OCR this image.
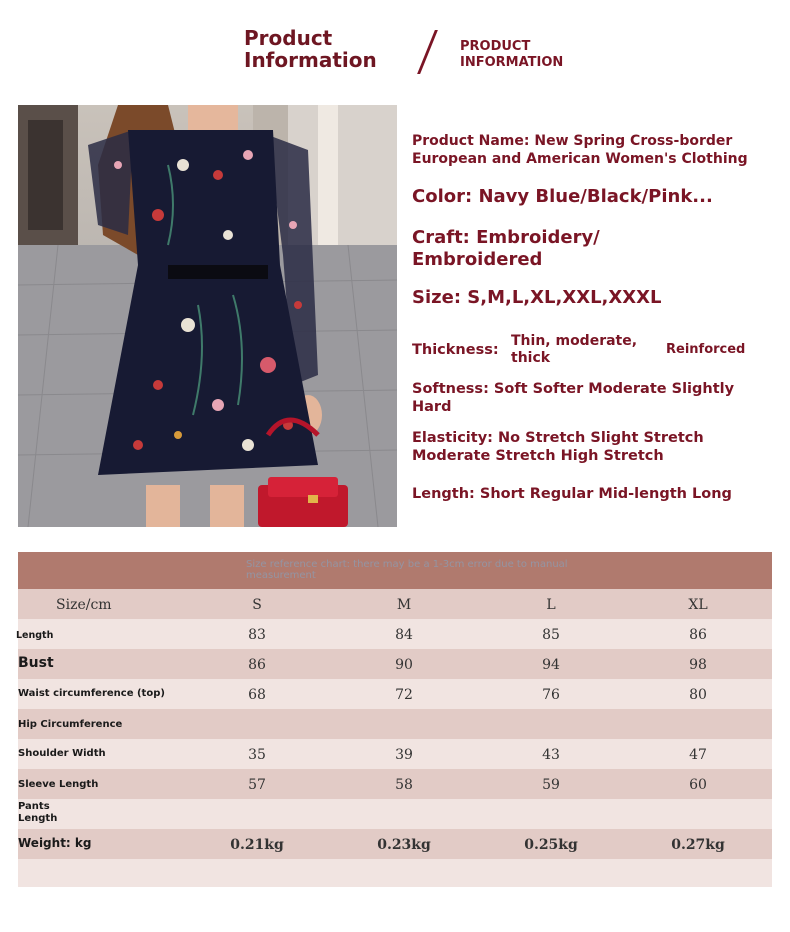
Product
Information
PRODUCT
INFORMATION
Product Name: New Spring Cross-border
European and American Women's Clothing
Color: Navy Blue/Black/Pink...
Craft: Embroidery/
Embroidered
Size: S,M,L,XL,XXL,XXXL
Thickness:
Thin, moderate,
thick
Reinforced
Softness: Soft Softer Moderate Slightly
Hard
Elasticity: No Stretch Slight Stretch
Moderate Stretch High Stretch
Length: Short Regular Mid-length Long
Size reference chart: there may be a 1-3cm error due to manual measurement
Size/cm	S	M	L	XL
Length	83	84	85	86
Bust	86	90	94	98
Waist circumference (top)	68	72	76	80
Hip Circumference
Shoulder Width	35	39	43	47
Sleeve Length	57	58	59	60
Pants Length
Weight: kg	0.21kg	0.23kg	0.25kg	0.27kg
